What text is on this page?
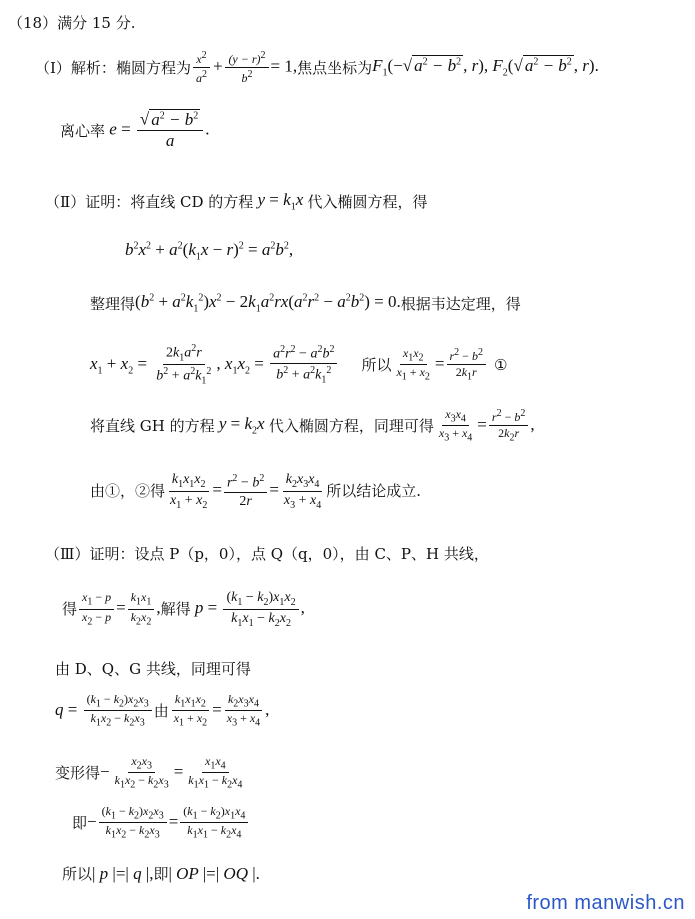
（18）满分 15 分.
（Ⅰ）解析： 椭圆方程为 $\frac{x^2}{a^2} + \frac{(y - r)^2}{b^2} = 1$, 焦点坐标为 $F_1(-√$ $a^2 - b^2$ , r), $F_2(√$ $a^2 - b^2$ , r).
离心率 $e = \frac{√ a^2 - b^2}{a}$ .
（Ⅱ）证明： 将直线 CD 的方程 $y = k_1x$ 代入椭圆方程，得
$b^2x^2 + a^2(k_1x - r)^2 = a^2b^2$,
整理得 $(b^2 + a^2k_1^2)x^2 - 2k_1a^2rx(a^2r^2 - a^2b^2) = 0$. 根据韦达定理，得
$x_1 + x_2 = \frac{2k_1a^2r}{b^2 + a^2k_1^2}$ , $x_1x_2 = \frac{a^2r^2 - a^2b^2}{b^2 + a^2k_1^2}$ 所以 $\frac{x_1x_2}{x_1 + x_2} = \frac{r^2 - b^2}{2k_1r}$ ①
将直线 GH 的方程 $y = k_2x$ 代入椭圆方程，同理可得 $\frac{x_3x_4}{x_3 + x_4} = \frac{r^2 - b^2}{2k_2r}$ ,
由①，②得 $\frac{k_1x_1x_2}{x_1 + x_2} = \frac{r^2 - b^2}{2r} = \frac{k_2x_3x_4}{x_3 + x_4}$ 所以结论成立.
（Ⅲ）证明：设点 P（p，0），点 Q（q，0），由 C、P、H 共线，
得 $\frac{x_1 - p}{x_2 - p} = \frac{k_1x_1}{k_2x_2}$ , 解得 $p = \frac{(k_1 - k_2)x_1x_2}{k_1x_1 - k_2x_2}$ ,
由 D、Q、G 共线，同理可得
$q = \frac{(k_1 - k_2)x_2x_3}{k_1x_2 - k_2x_3}$ 由 $\frac{k_1x_1x_2}{x_1 + x_2} = \frac{k_2x_3x_4}{x_3 + x_4}$ ,
变形得 − $\frac{x_2x_3}{k_1x_2 - k_2x_3} = \frac{x_1x_4}{k_1x_1 - k_2x_4}$
即 − $\frac{(k_1 - k_2)x_2x_3}{k_1x_2 - k_2x_3} = \frac{(k_1 - k_2)x_1x_4}{k_1x_1 - k_2x_4}$
所以 | p |=| q |, 即 | OP |=| OQ |.
from manwish.cn
